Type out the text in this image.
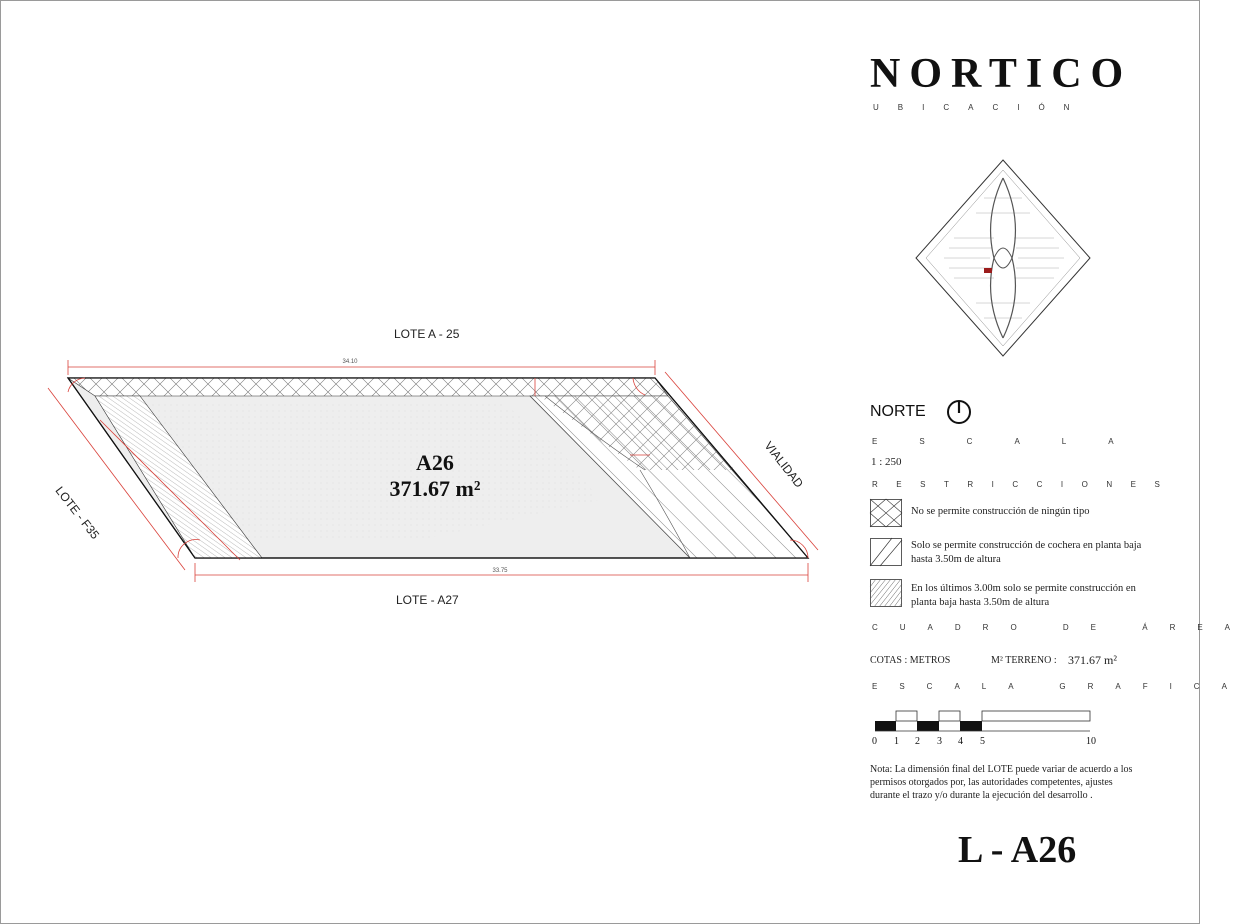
34.10
33.75
LOTE A - 25
LOTE - A27
LOTE - F35
VIALIDAD
A26
371.67 m²
NORTICO
UBICACIÓN
NORTE
ESCALA
1 : 250
RESTRICCIONES
No se permite construcción de ningún tipo
Solo se permite construcción de cochera en planta baja hasta 3.50m de altura
En los últimos 3.00m solo se permite construcción en planta baja hasta 3.50m de altura
CUADRO DE ÁREA
COTAS : METROS	M² TERRENO : 371.67 m²
ESCALA GRAFICA
0 1 2 3 4 5	10
Nota: La dimensión final del LOTE puede variar de acuerdo a los permisos otorgados por, las autoridades competentes, ajustes durante el trazo y/o durante la ejecución del desarrollo .
L - A26
